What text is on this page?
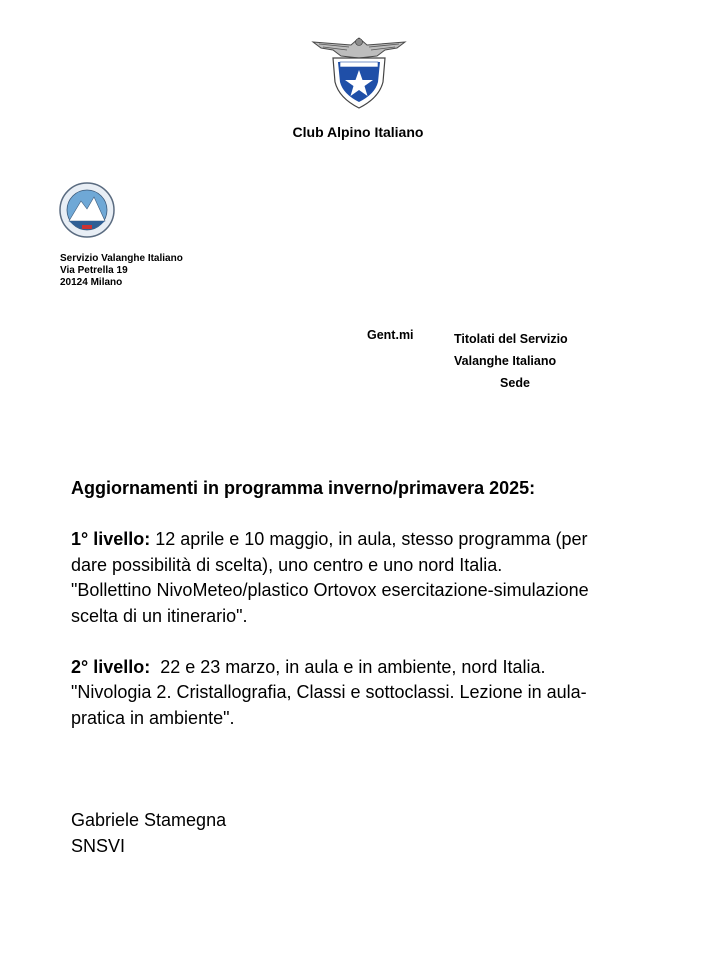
Club Alpino Italiano
Servizio Valanghe Italiano
Via Petrella 19
20124 Milano
Gent.mi	Titolati del Servizio
Valanghe Italiano
Sede

Aggiornamenti in programma inverno/primavera 2025:

1° livello: 12 aprile e 10 maggio, in aula, stesso programma (per

dare possibilità di scelta), uno centro e uno nord Italia.

"Bollettino NivoMeteo/plastico Ortovox esercitazione-simulazione

scelta di un itinerario".

2° livello:  22 e 23 marzo, in aula e in ambiente, nord Italia.

"Nivologia 2. Cristallografia, Classi e sottoclassi. Lezione in aula-

pratica in ambiente".

Gabriele Stamegna
SNSVI
